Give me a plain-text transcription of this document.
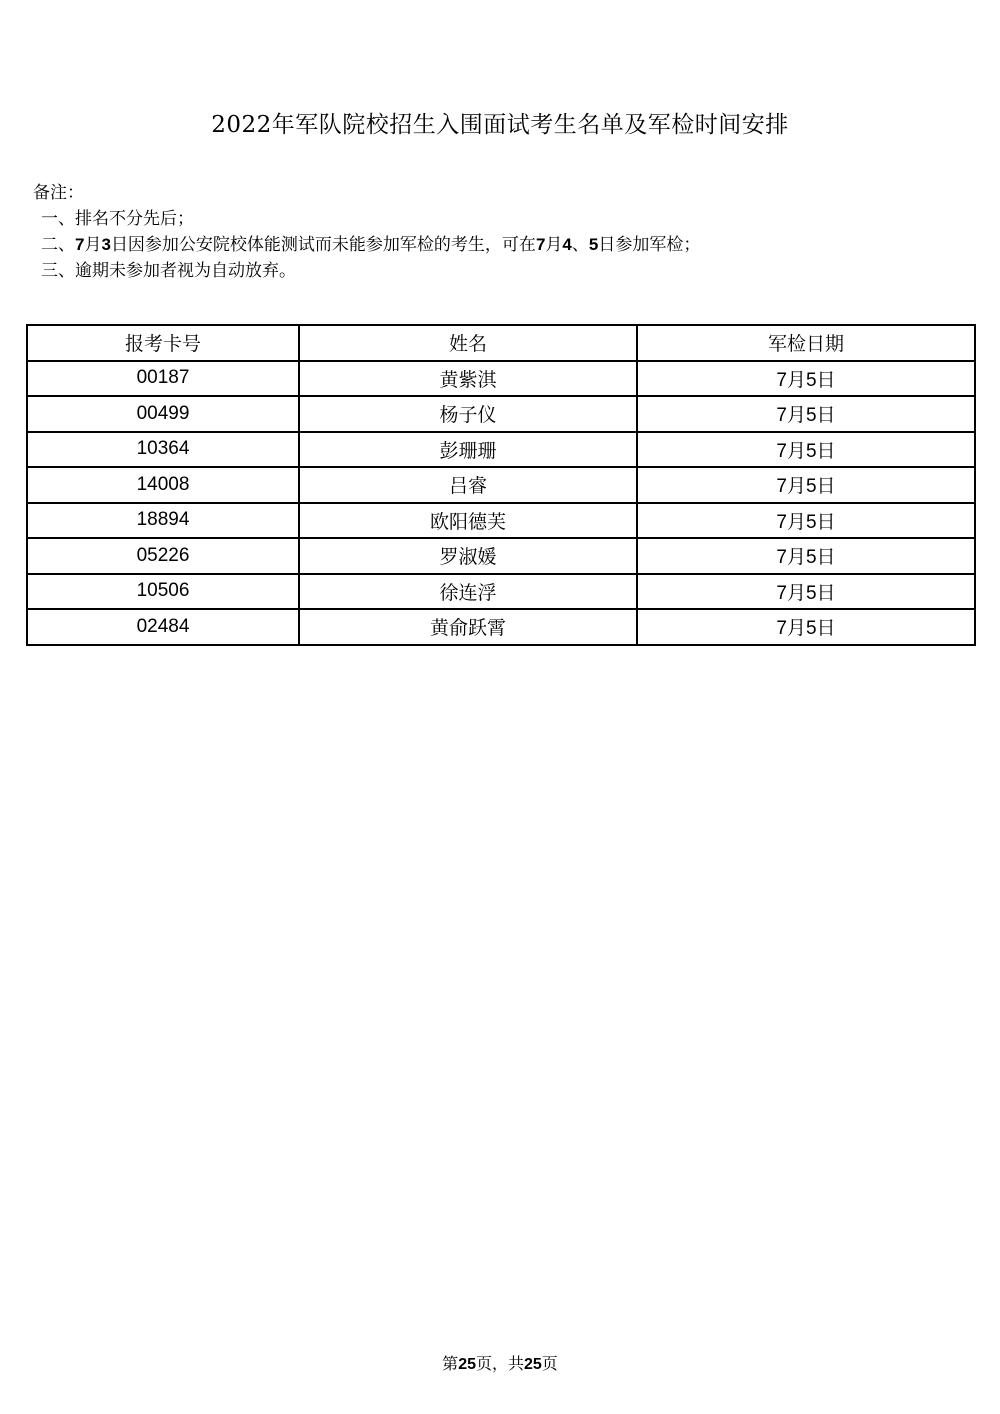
2022年军队院校招生入围面试考生名单及军检时间安排
备注：
一、排名不分先后；
二、7月3日因参加公安院校体能测试而未能参加军检的考生，可在7月4、5日参加军检；
三、逾期未参加者视为自动放弃。
报考卡号	姓名	军检日期
00187	黄紫淇	7月5日
00499	杨子仪	7月5日
10364	彭珊珊	7月5日
14008	吕睿	7月5日
18894	欧阳德芙	7月5日
05226	罗淑媛	7月5日
10506	徐连浮	7月5日
02484	黄俞跃霄	7月5日
第25页，共25页
